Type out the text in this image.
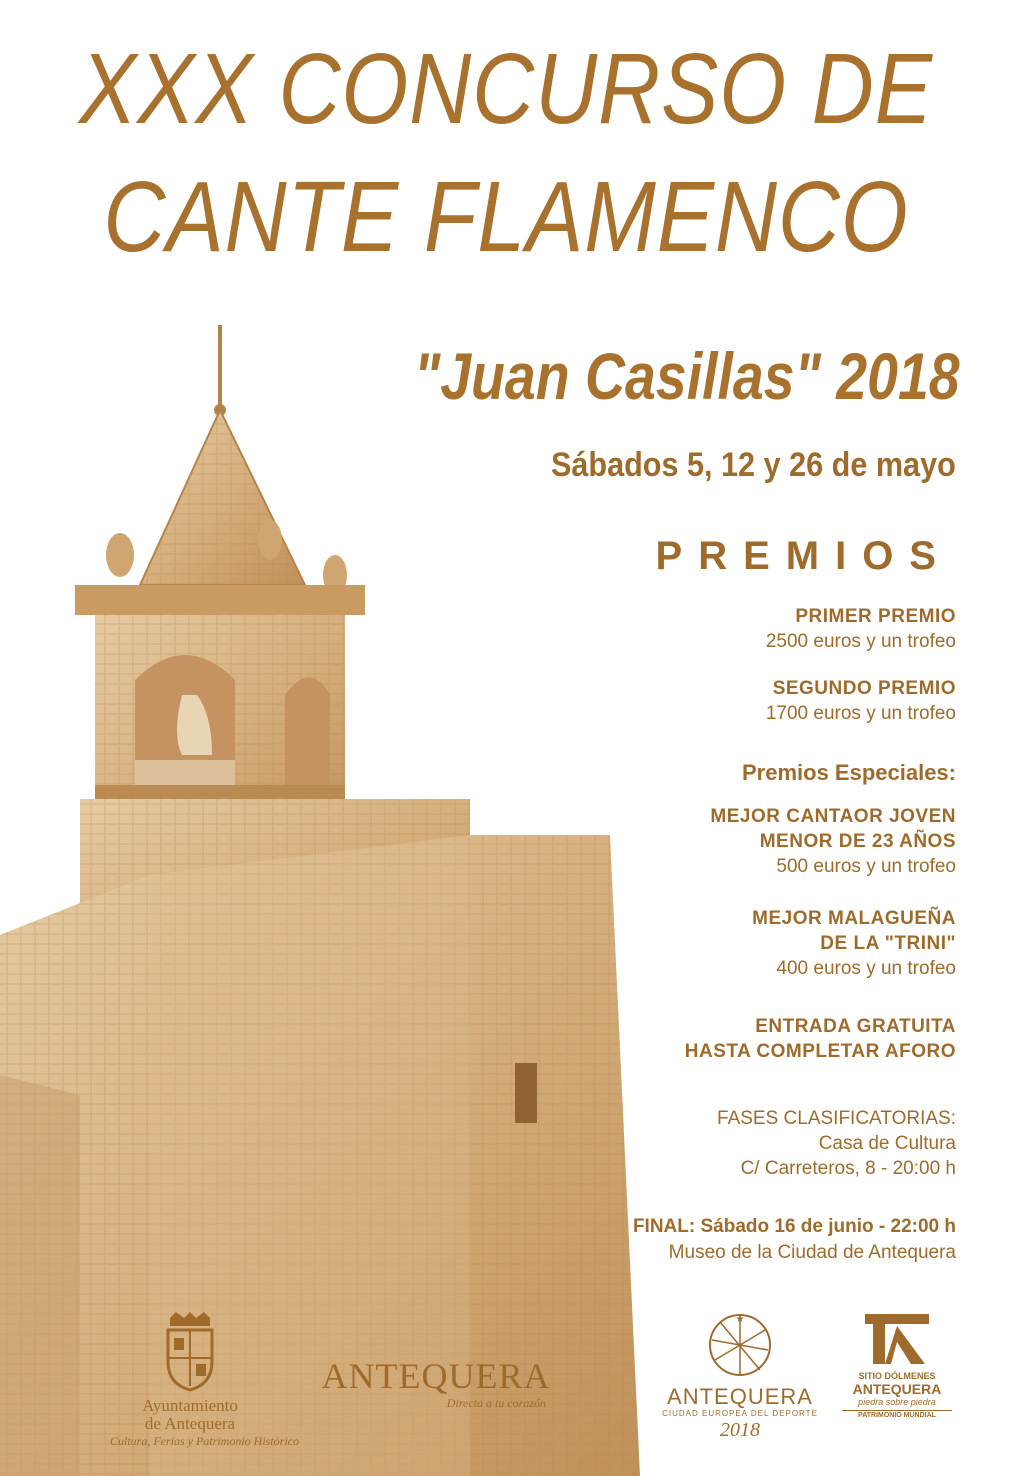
XXX CONCURSO DE
CANTE FLAMENCO
"Juan Casillas" 2018
Sábados 5, 12 y 26 de mayo
PREMIOS
PRIMER PREMIO
2500 euros y un trofeo
SEGUNDO PREMIO
1700 euros y un trofeo
Premios Especiales:
MEJOR CANTAOR JOVEN
MENOR DE 23 AÑOS
500 euros y un trofeo
MEJOR MALAGUEÑA
DE LA "TRINI"
400 euros y un trofeo
ENTRADA GRATUITA
HASTA COMPLETAR AFORO
FASES CLASIFICATORIAS:
Casa de Cultura
C/ Carreteros, 8 - 20:00 h
FINAL: Sábado 16 de junio - 22:00 h
Museo de la Ciudad de Antequera
Ayuntamiento
de Antequera
Cultura, Ferias y Patrimonio Histórico
ANTEQUERA
Directa a tu corazón
★
ANTEQUERA
CIUDAD EUROPEA DEL DEPORTE
2018
SITIO DÓLMENES
ANTEQUERA
piedra sobre piedra
PATRIMONIO MUNDIAL
